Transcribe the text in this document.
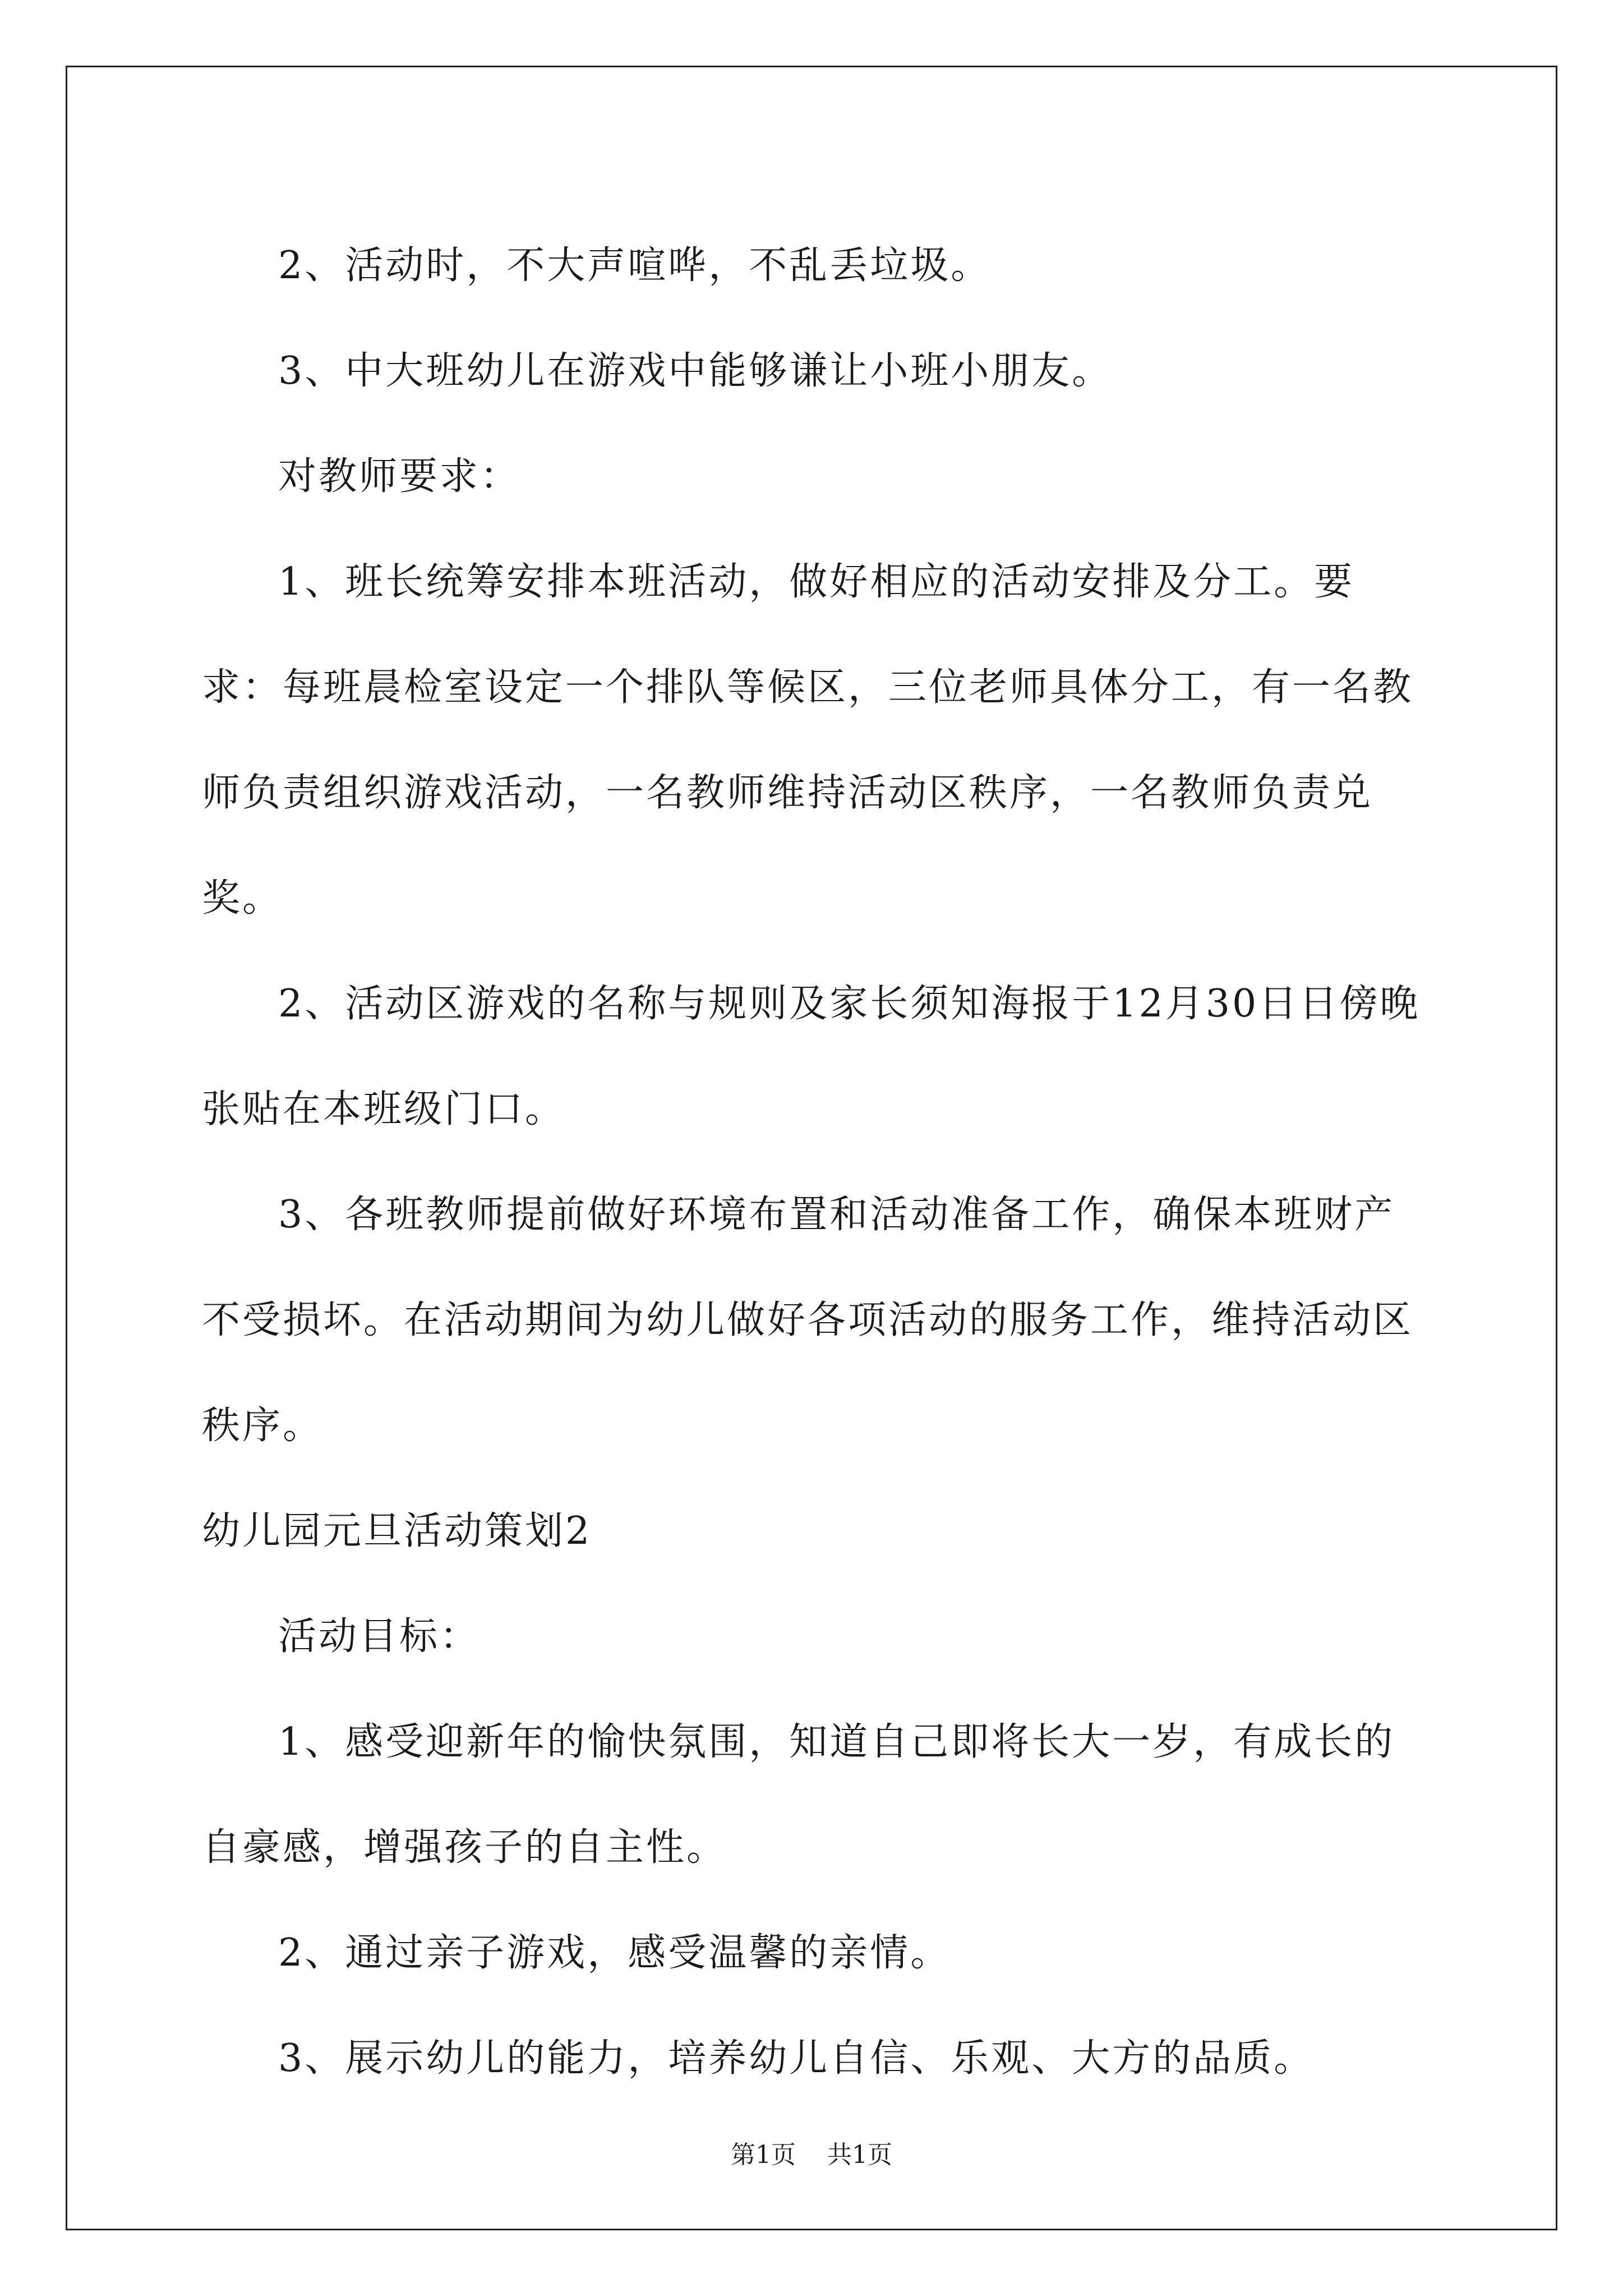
2、活动时，不大声喧哗，不乱丢垃圾。

3、中大班幼儿在游戏中能够谦让小班小朋友。

对教师要求：

1、班长统筹安排本班活动，做好相应的活动安排及分工。要求：每班晨检室设定一个排队等候区，三位老师具体分工，有一名教师负责组织游戏活动，一名教师维持活动区秩序，一名教师负责兑奖。

2、活动区游戏的名称与规则及家长须知海报于12月30日日傍晚张贴在本班级门口。

3、各班教师提前做好环境布置和活动准备工作，确保本班财产不受损坏。在活动期间为幼儿做好各项活动的服务工作，维持活动区秩序。

幼儿园元旦活动策划2

活动目标：

1、感受迎新年的愉快氛围，知道自己即将长大一岁，有成长的自豪感，增强孩子的自主性。

2、通过亲子游戏，感受温馨的亲情。

3、展示幼儿的能力，培养幼儿自信、乐观、大方的品质。

第1页 共1页
